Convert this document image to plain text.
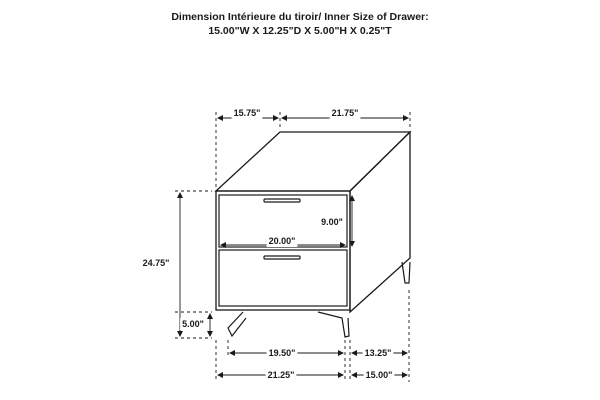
Dimension Intérieure du tiroir/ Inner Size of Drawer:
15.00"W X 12.25"D X 5.00"H X 0.25"T
15.75"	21.75"
9.00"
20.00"
24.75"
5.00"
19.50"	13.25"
21.25"	15.00"
